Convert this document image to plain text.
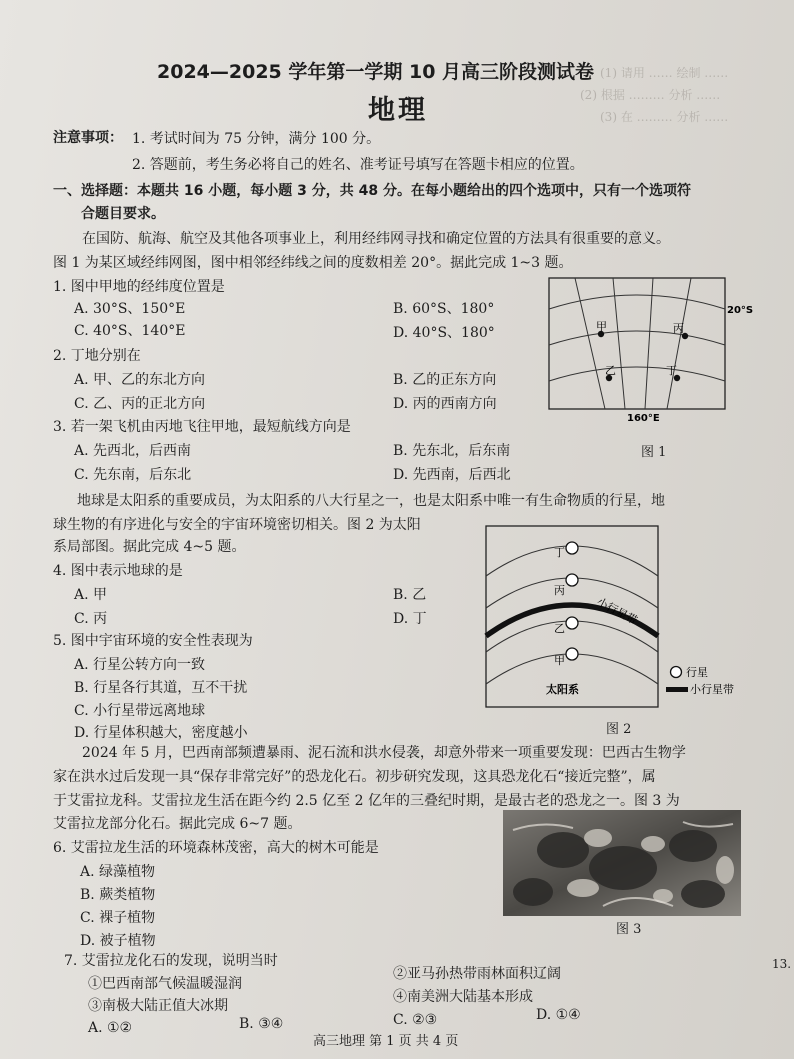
(1) 请用 …… 绘制 ……
(2) 根据 ……… 分析 ……
(3) 在 ……… 分析 ……
2024—2025 学年第一学期 10 月高三阶段测试卷
地理
注意事项： 1. 考试时间为 75 分钟，满分 100 分。
2. 答题前，考生务必将自己的姓名、准考证号填写在答题卡相应的位置。
一、选择题：本题共 16 小题，每小题 3 分，共 48 分。在每小题给出的四个选项中，只有一个选项符
合题目要求。
在国防、航海、航空及其他各项事业上，利用经纬网寻找和确定位置的方法具有很重要的意义。
图 1 为某区域经纬网图，图中相邻经纬线之间的度数相差 20°。据此完成 1~3 题。
1. 图中甲地的经纬度位置是
A. 30°S、150°E	B. 60°S、180°
C. 40°S、140°E	D. 40°S、180°
2. 丁地分别在
A. 甲、乙的东北方向	B. 乙的正东方向
C. 乙、丙的正北方向	D. 丙的西南方向
3. 若一架飞机由丙地飞往甲地，最短航线方向是
A. 先西北，后西南	B. 先东北，后东南
C. 先东南，后东北	D. 先西南，后西北
甲	丙
乙	丁
20°S
160°E
图 1
地球是太阳系的重要成员，为太阳系的八大行星之一，也是太阳系中唯一有生命物质的行星，地
球生物的有序进化与安全的宇宙环境密切相关。图 2 为太阳
系局部图。据此完成 4~5 题。
4. 图中表示地球的是
A. 甲	B. 乙
C. 丙	D. 丁
5. 图中宇宙环境的安全性表现为
A. 行星公转方向一致
B. 行星各行其道，互不干扰
C. 小行星带远离地球
D. 行星体积越大，密度越小
丁
丙
乙
甲
小行星带
太阳系
行星
小行星带
图 2
2024 年 5 月，巴西南部频遭暴雨、泥石流和洪水侵袭，却意外带来一项重要发现：巴西古生物学
家在洪水过后发现一具“保存非常完好”的恐龙化石。初步研究发现，这具恐龙化石“接近完整”，属
于艾雷拉龙科。艾雷拉龙生活在距今约 2.5 亿至 2 亿年的三叠纪时期，是最古老的恐龙之一。图 3 为
艾雷拉龙部分化石。据此完成 6~7 题。
6. 艾雷拉龙生活的环境森林茂密，高大的树木可能是
A. 绿藻植物
B. 蕨类植物
C. 裸子植物
D. 被子植物
图 3
7. 艾雷拉龙化石的发现，说明当时
①巴西南部气候温暖湿润
②亚马孙热带雨林面积辽阔
③南极大陆正值大冰期
④南美洲大陆基本形成
A. ①②	B. ③④	C. ②③	D. ①④
高三地理 第 1 页 共 4 页
13.
